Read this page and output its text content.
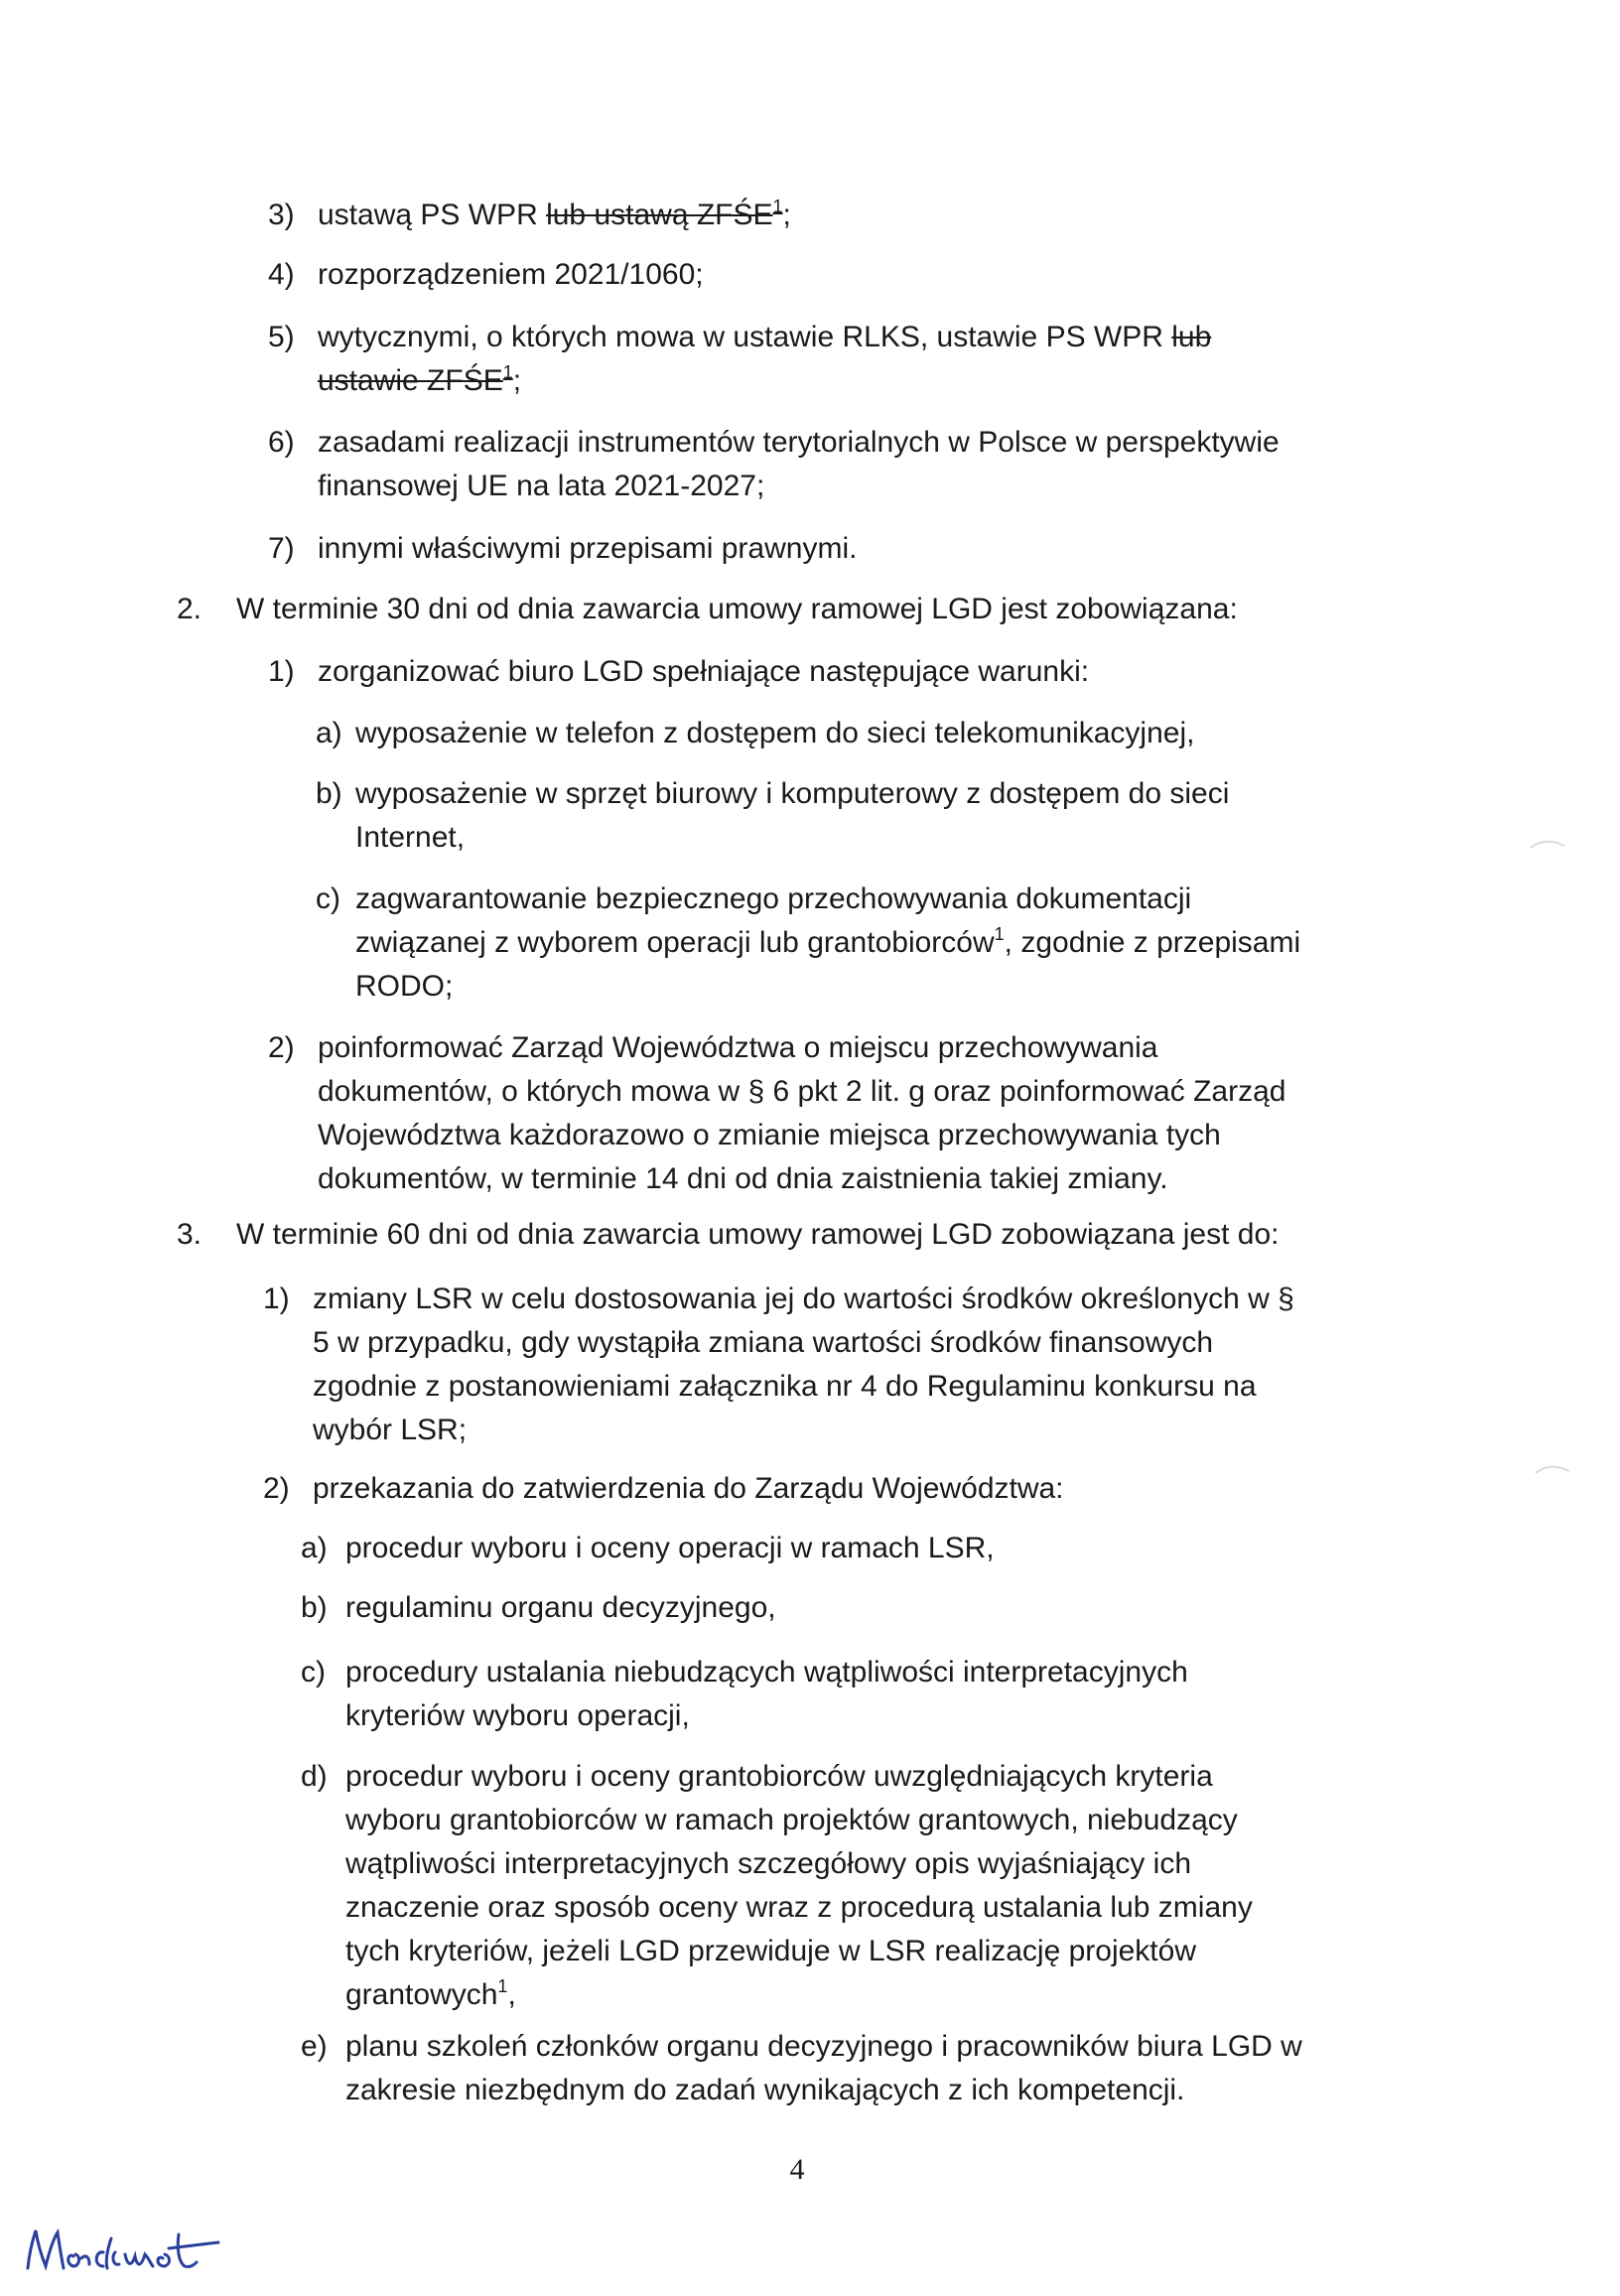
3) ustawą PS WPR lub ustawą ZFŚE$^1$;
4) rozporządzeniem 2021/1060;
5) wytycznymi, o których mowa w ustawie RLKS, ustawie PS WPR lub
ustawie ZFŚE$^1$;
6) zasadami realizacji instrumentów terytorialnych w Polsce w perspektywie
finansowej UE na lata 2021-2027;
7) innymi właściwymi przepisami prawnymi.
2. W terminie 30 dni od dnia zawarcia umowy ramowej LGD jest zobowiązana:
1) zorganizować biuro LGD spełniające następujące warunki:
a) wyposażenie w telefon z dostępem do sieci telekomunikacyjnej,
b) wyposażenie w sprzęt biurowy i komputerowy z dostępem do sieci
Internet,
c) zagwarantowanie bezpiecznego przechowywania dokumentacji
związanej z wyborem operacji lub grantobiorców$^1$, zgodnie z przepisami
RODO;
2) poinformować Zarząd Województwa o miejscu przechowywania
dokumentów, o których mowa w § 6 pkt 2 lit. g oraz poinformować Zarząd
Województwa każdorazowo o zmianie miejsca przechowywania tych
dokumentów, w terminie 14 dni od dnia zaistnienia takiej zmiany.
3. W terminie 60 dni od dnia zawarcia umowy ramowej LGD zobowiązana jest do:
1) zmiany LSR w celu dostosowania jej do wartości środków określonych w §
5 w przypadku, gdy wystąpiła zmiana wartości środków finansowych
zgodnie z postanowieniami załącznika nr 4 do Regulaminu konkursu na
wybór LSR;
2) przekazania do zatwierdzenia do Zarządu Województwa:
a) procedur wyboru i oceny operacji w ramach LSR,
b) regulaminu organu decyzyjnego,
c) procedury ustalania niebudzących wątpliwości interpretacyjnych
kryteriów wyboru operacji,
d) procedur wyboru i oceny grantobiorców uwzględniających kryteria
wyboru grantobiorców w ramach projektów grantowych, niebudzący
wątpliwości interpretacyjnych szczegółowy opis wyjaśniający ich
znaczenie oraz sposób oceny wraz z procedurą ustalania lub zmiany
tych kryteriów, jeżeli LGD przewiduje w LSR realizację projektów
grantowych$^1$,
e) planu szkoleń członków organu decyzyjnego i pracowników biura LGD w
zakresie niezbędnym do zadań wynikających z ich kompetencji.
4
